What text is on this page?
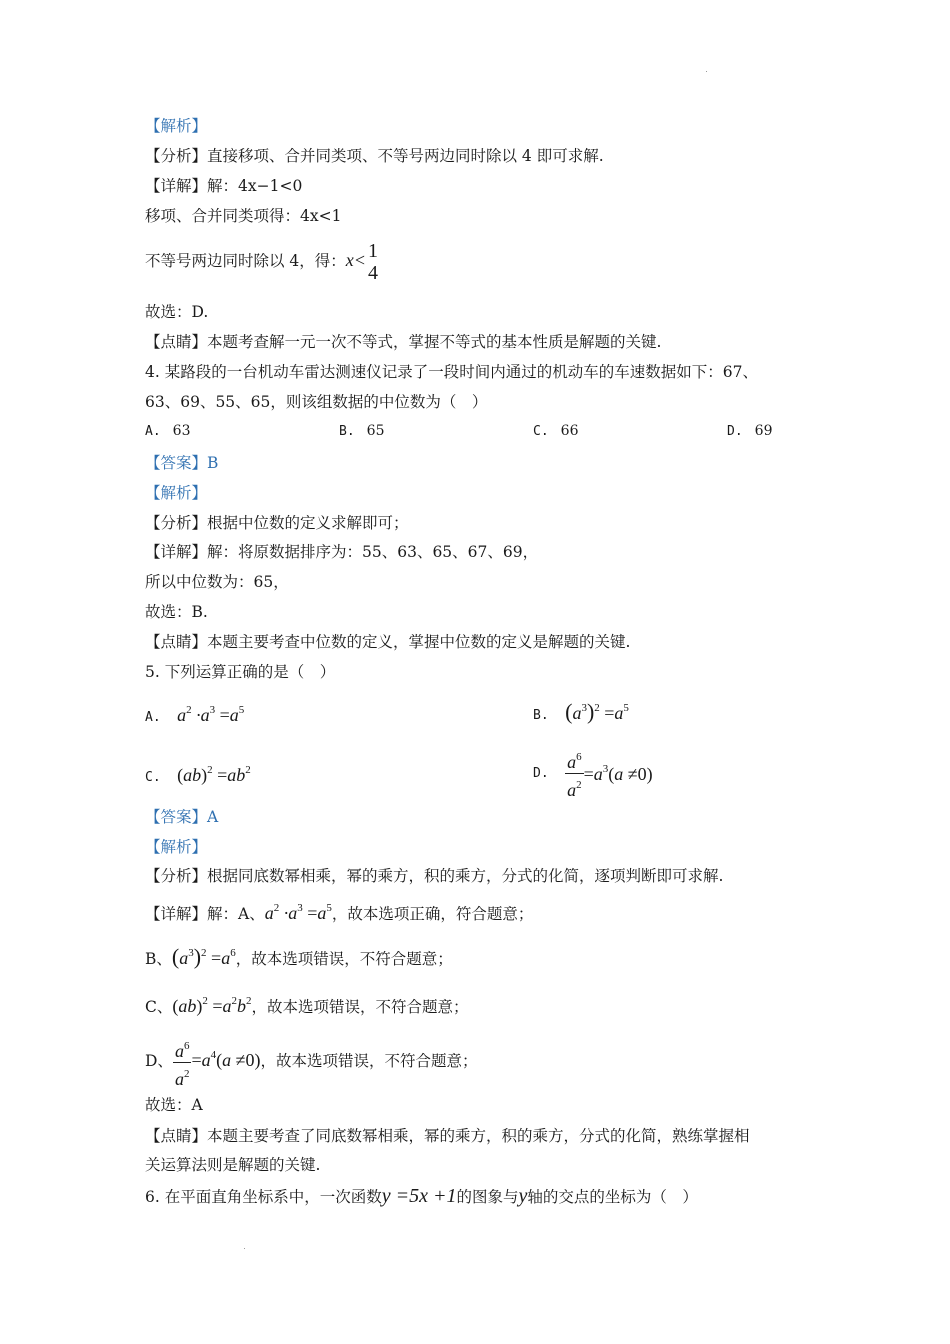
【解析】
【分析】直接移项、合并同类项、不等号两边同时除以 4 即可求解.
【详解】解：4x−1<0
移项、合并同类项得：4x<1
不等号两边同时除以 4，得：x< 1
4
故选：D.
【点睛】本题考查解一元一次不等式，掌握不等式的基本性质是解题的关键.
4. 某路段的一台机动车雷达测速仪记录了一段时间内通过的机动车的车速数据如下：67、
63、69、55、65，则该组数据的中位数为（　）
A. 63	B. 65	C. 66	D. 69
【答案】B
【解析】
【分析】根据中位数的定义求解即可；
【详解】解：将原数据排序为：55、63、65、67、69，
所以中位数为：65，
故选：B.
【点睛】本题主要考查中位数的定义，掌握中位数的定义是解题的关键.
5. 下列运算正确的是（　）
A. $a^2 \cdot a^3 =a^5$	B. $(a^3)^2 =a^5$
C. $(ab)^2 =ab^2$	D. $\frac{a^6}{a^2} =a^3(a \ne 0)$
【答案】A
【解析】
【分析】根据同底数幂相乘，幂的乘方，积的乘方，分式的化简，逐项判断即可求解.
【详解】解：A、$a^2 \cdot a^3 =a^5$，故本选项正确，符合题意；
B、$(a^3)^2 =a^6$，故本选项错误，不符合题意；
C、$(ab)^2 =a^2b^2$，故本选项错误，不符合题意；
D、 $\frac{a^6}{a^2} =a^4(a \ne 0)$，故本选项错误，不符合题意；
故选：A
【点睛】本题主要考查了同底数幂相乘，幂的乘方，积的乘方，分式的化简，熟练掌握相
关运算法则是解题的关键.
6. 在平面直角坐标系中，一次函数y =5x +1的图象与y轴的交点的坐标为（　）
